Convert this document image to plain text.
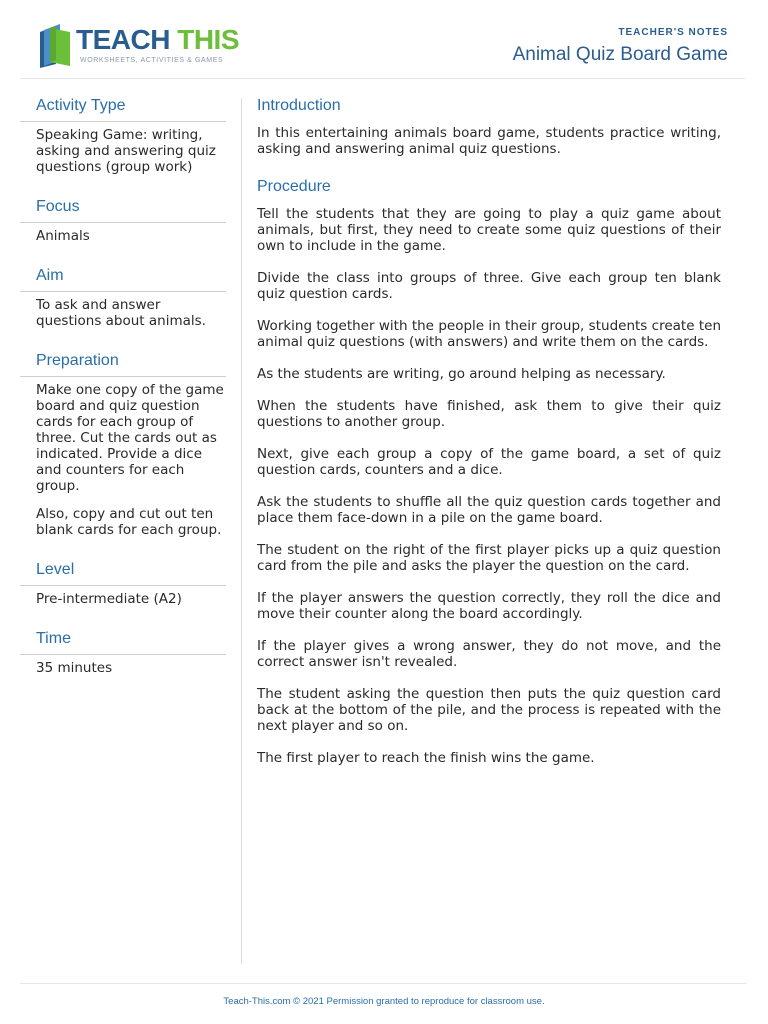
TEACH THIS
WORKSHEETS, ACTIVITIES & GAMES
TEACHER'S NOTES
Animal Quiz Board Game
Activity Type
Speaking Game: writing, asking and answering quiz questions (group work)
Focus
Animals
Aim
To ask and answer questions about animals.
Preparation

Make one copy of the game board and quiz question cards for each group of three. Cut the cards out as indicated. Provide a dice and counters for each group.

Also, copy and cut out ten blank cards for each group.

Level
Pre-intermediate (A2)
Time
35 minutes
Introduction

In this entertaining animals board game, students practice writing, asking and answering animal quiz questions.

Procedure

Tell the students that they are going to play a quiz game about animals, but first, they need to create some quiz questions of their own to include in the game.

Divide the class into groups of three. Give each group ten blank quiz question cards.

Working together with the people in their group, students create ten animal quiz questions (with answers) and write them on the cards.

As the students are writing, go around helping as necessary.

When the students have finished, ask them to give their quiz questions to another group.

Next, give each group a copy of the game board, a set of quiz question cards, counters and a dice.

Ask the students to shuffle all the quiz question cards together and place them face-down in a pile on the game board.

The student on the right of the first player picks up a quiz question card from the pile and asks the player the question on the card.

If the player answers the question correctly, they roll the dice and move their counter along the board accordingly.

If the player gives a wrong answer, they do not move, and the correct answer isn't revealed.

The student asking the question then puts the quiz question card back at the bottom of the pile, and the process is repeated with the next player and so on.

The first player to reach the finish wins the game.

Teach-This.com © 2021 Permission granted to reproduce for classroom use.
